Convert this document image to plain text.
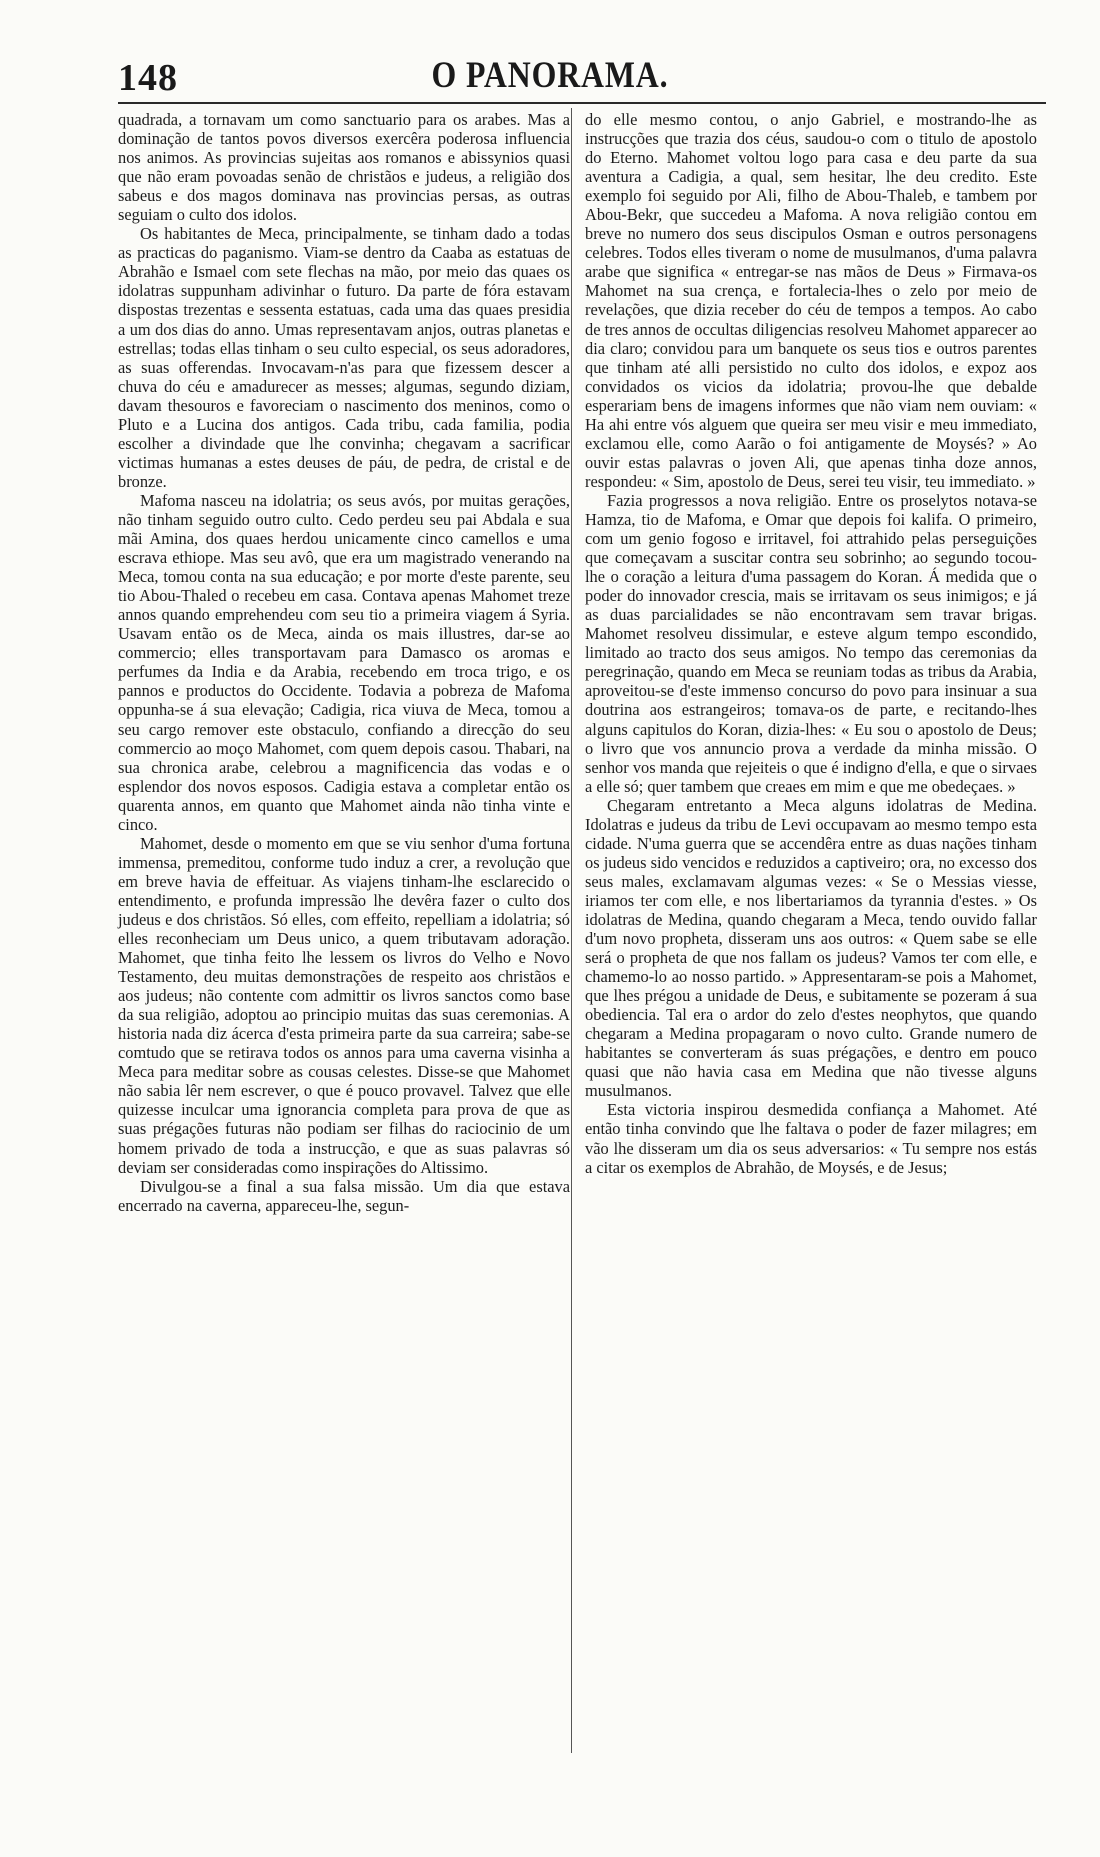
148	O PANORAMA.

quadrada, a tornavam um como sanctuario para os arabes. Mas a dominação de tantos povos diversos exercêra poderosa influencia nos animos. As provincias sujeitas aos romanos e abissynios quasi que não eram povoadas senão de christãos e judeus, a religião dos sabeus e dos magos dominava nas provincias persas, as outras seguiam o culto dos idolos.

Os habitantes de Meca, principalmente, se tinham dado a todas as practicas do paganismo. Viam-se dentro da Caaba as estatuas de Abrahão e Ismael com sete flechas na mão, por meio das quaes os idolatras suppunham adivinhar o futuro. Da parte de fóra estavam dispostas trezentas e sessenta estatuas, cada uma das quaes presidia a um dos dias do anno. Umas representavam anjos, outras planetas e estrellas; todas ellas tinham o seu culto especial, os seus adoradores, as suas offerendas. Invocavam-n'as para que fizessem descer a chuva do céu e amadurecer as messes; algumas, segundo diziam, davam thesouros e favoreciam o nascimento dos meninos, como o Pluto e a Lucina dos antigos. Cada tribu, cada familia, podia escolher a divindade que lhe convinha; chegavam a sacrificar victimas humanas a estes deuses de páu, de pedra, de cristal e de bronze.

Mafoma nasceu na idolatria; os seus avós, por muitas gerações, não tinham seguido outro culto. Cedo perdeu seu pai Abdala e sua mãi Amina, dos quaes herdou unicamente cinco camellos e uma escrava ethiope. Mas seu avô, que era um magistrado venerando na Meca, tomou conta na sua educação; e por morte d'este parente, seu tio Abou-Thaled o recebeu em casa. Contava apenas Mahomet treze annos quando emprehendeu com seu tio a primeira viagem á Syria. Usavam então os de Meca, ainda os mais illustres, dar-se ao commercio; elles transportavam para Damasco os aromas e perfumes da India e da Arabia, recebendo em troca trigo, e os pannos e productos do Occidente. Todavia a pobreza de Mafoma oppunha-se á sua elevação; Cadigia, rica viuva de Meca, tomou a seu cargo remover este obstaculo, confiando a direcção do seu commercio ao moço Mahomet, com quem depois casou. Thabari, na sua chronica arabe, celebrou a magnificencia das vodas e o esplendor dos novos esposos. Cadigia estava a completar então os quarenta annos, em quanto que Mahomet ainda não tinha vinte e cinco.

Mahomet, desde o momento em que se viu senhor d'uma fortuna immensa, premeditou, conforme tudo induz a crer, a revolução que em breve havia de effeituar. As viajens tinham-lhe esclarecido o entendimento, e profunda impressão lhe devêra fazer o culto dos judeus e dos christãos. Só elles, com effeito, repelliam a idolatria; só elles reconheciam um Deus unico, a quem tributavam adoração. Mahomet, que tinha feito lhe lessem os livros do Velho e Novo Testamento, deu muitas demonstrações de respeito aos christãos e aos judeus; não contente com admittir os livros sanctos como base da sua religião, adoptou ao principio muitas das suas ceremonias. A historia nada diz ácerca d'esta primeira parte da sua carreira; sabe-se comtudo que se retirava todos os annos para uma caverna visinha a Meca para meditar sobre as cousas celestes. Disse-se que Mahomet não sabia lêr nem escrever, o que é pouco provavel. Talvez que elle quizesse inculcar uma ignorancia completa para prova de que as suas prégações futuras não podiam ser filhas do raciocinio de um homem privado de toda a instrucção, e que as suas palavras só deviam ser consideradas como inspirações do Altissimo.

Divulgou-se a final a sua falsa missão. Um dia que estava encerrado na caverna, appareceu-lhe, segun-

do elle mesmo contou, o anjo Gabriel, e mostrando-lhe as instrucções que trazia dos céus, saudou-o com o titulo de apostolo do Eterno. Mahomet voltou logo para casa e deu parte da sua aventura a Cadigia, a qual, sem hesitar, lhe deu credito. Este exemplo foi seguido por Ali, filho de Abou-Thaleb, e tambem por Abou-Bekr, que succedeu a Mafoma. A nova religião contou em breve no numero dos seus discipulos Osman e outros personagens celebres. Todos elles tiveram o nome de musulmanos, d'uma palavra arabe que significa « entregar-se nas mãos de Deus » Firmava-os Mahomet na sua crença, e fortalecia-lhes o zelo por meio de revelações, que dizia receber do céu de tempos a tempos. Ao cabo de tres annos de occultas diligencias resolveu Mahomet apparecer ao dia claro; convidou para um banquete os seus tios e outros parentes que tinham até alli persistido no culto dos idolos, e expoz aos convidados os vicios da idolatria; provou-lhe que debalde esperariam bens de imagens informes que não viam nem ouviam: « Ha ahi entre vós alguem que queira ser meu visir e meu immediato, exclamou elle, como Aarão o foi antigamente de Moysés? » Ao ouvir estas palavras o joven Ali, que apenas tinha doze annos, respondeu: « Sim, apostolo de Deus, serei teu visir, teu immediato. »

Fazia progressos a nova religião. Entre os proselytos notava-se Hamza, tio de Mafoma, e Omar que depois foi kalifa. O primeiro, com um genio fogoso e irritavel, foi attrahido pelas perseguições que começavam a suscitar contra seu sobrinho; ao segundo tocou-lhe o coração a leitura d'uma passagem do Koran. Á medida que o poder do innovador crescia, mais se irritavam os seus inimigos; e já as duas parcialidades se não encontravam sem travar brigas. Mahomet resolveu dissimular, e esteve algum tempo escondido, limitado ao tracto dos seus amigos. No tempo das ceremonias da peregrinação, quando em Meca se reuniam todas as tribus da Arabia, aproveitou-se d'este immenso concurso do povo para insinuar a sua doutrina aos estrangeiros; tomava-os de parte, e recitando-lhes alguns capitulos do Koran, dizia-lhes: « Eu sou o apostolo de Deus; o livro que vos annuncio prova a verdade da minha missão. O senhor vos manda que rejeiteis o que é indigno d'ella, e que o sirvaes a elle só; quer tambem que creaes em mim e que me obedeçaes. »

Chegaram entretanto a Meca alguns idolatras de Medina. Idolatras e judeus da tribu de Levi occupavam ao mesmo tempo esta cidade. N'uma guerra que se accendêra entre as duas nações tinham os judeus sido vencidos e reduzidos a captiveiro; ora, no excesso dos seus males, exclamavam algumas vezes: « Se o Messias viesse, iriamos ter com elle, e nos libertariamos da tyrannia d'estes. » Os idolatras de Medina, quando chegaram a Meca, tendo ouvido fallar d'um novo propheta, disseram uns aos outros: « Quem sabe se elle será o propheta de que nos fallam os judeus? Vamos ter com elle, e chamemo-lo ao nosso partido. » Appresentaram-se pois a Mahomet, que lhes prégou a unidade de Deus, e subitamente se pozeram á sua obediencia. Tal era o ardor do zelo d'estes neophytos, que quando chegaram a Medina propagaram o novo culto. Grande numero de habitantes se converteram ás suas prégações, e dentro em pouco quasi que não havia casa em Medina que não tivesse alguns musulmanos.

Esta victoria inspirou desmedida confiança a Mahomet. Até então tinha convindo que lhe faltava o poder de fazer milagres; em vão lhe disseram um dia os seus adversarios: « Tu sempre nos estás a citar os exemplos de Abrahão, de Moysés, e de Jesus;
